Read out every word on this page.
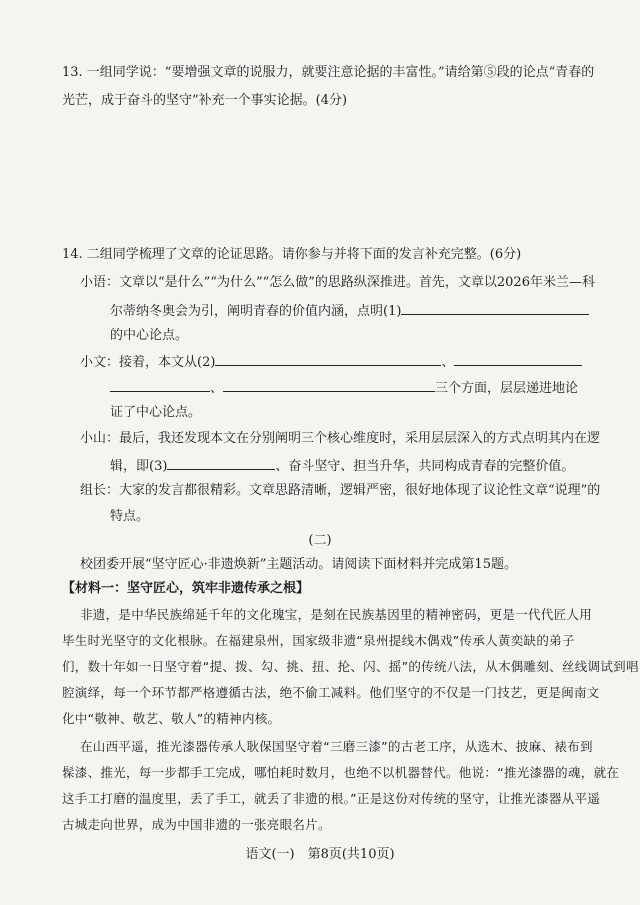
13. 一组同学说：“要增强文章的说服力，就要注意论据的丰富性。”请给第⑤段的论点“青春的
光芒，成于奋斗的坚守”补充一个事实论据。(4分)
14. 二组同学梳理了文章的论证思路。请你参与并将下面的发言补充完整。(6分)
小语：文章以“是什么”“为什么”“怎么做”的思路纵深推进。首先，文章以2026年米兰—科
尔蒂纳冬奥会为引，阐明青春的价值内涵，点明(1)
的中心论点。
小文：接着，本文从(2)	、
、	三个方面，层层递进地论
证了中心论点。
小山：最后，我还发现本文在分别阐明三个核心维度时，采用层层深入的方式点明其内在逻
辑，即(3)	、奋斗坚守、担当升华，共同构成青春的完整价值。
组长：大家的发言都很精彩。文章思路清晰，逻辑严密，很好地体现了议论性文章“说理”的
特点。
(二)
校团委开展“坚守匠心·非遗焕新”主题活动。请阅读下面材料并完成第15题。
【材料一：坚守匠心，筑牢非遗传承之根】
非遗，是中华民族绵延千年的文化瑰宝，是刻在民族基因里的精神密码，更是一代代匠人用
毕生时光坚守的文化根脉。在福建泉州，国家级非遗“泉州提线木偶戏”传承人黄奕缺的弟子
们，数十年如一日坚守着“提、拨、勾、挑、扭、抡、闪、摇”的传统八法，从木偶雕刻、丝线调试到唱
腔演绎，每一个环节都严格遵循古法，绝不偷工减料。他们坚守的不仅是一门技艺，更是闽南文
化中“敬神、敬艺、敬人”的精神内核。
在山西平遥，推光漆器传承人耿保国坚守着“三磨三漆”的古老工序，从选木、披麻、裱布到
髹漆、推光，每一步都手工完成，哪怕耗时数月，也绝不以机器替代。他说：“推光漆器的魂，就在
这手工打磨的温度里，丢了手工，就丢了非遗的根。”正是这份对传统的坚守，让推光漆器从平遥
古城走向世界，成为中国非遗的一张亮眼名片。
语文(一)　第8页(共10页)
